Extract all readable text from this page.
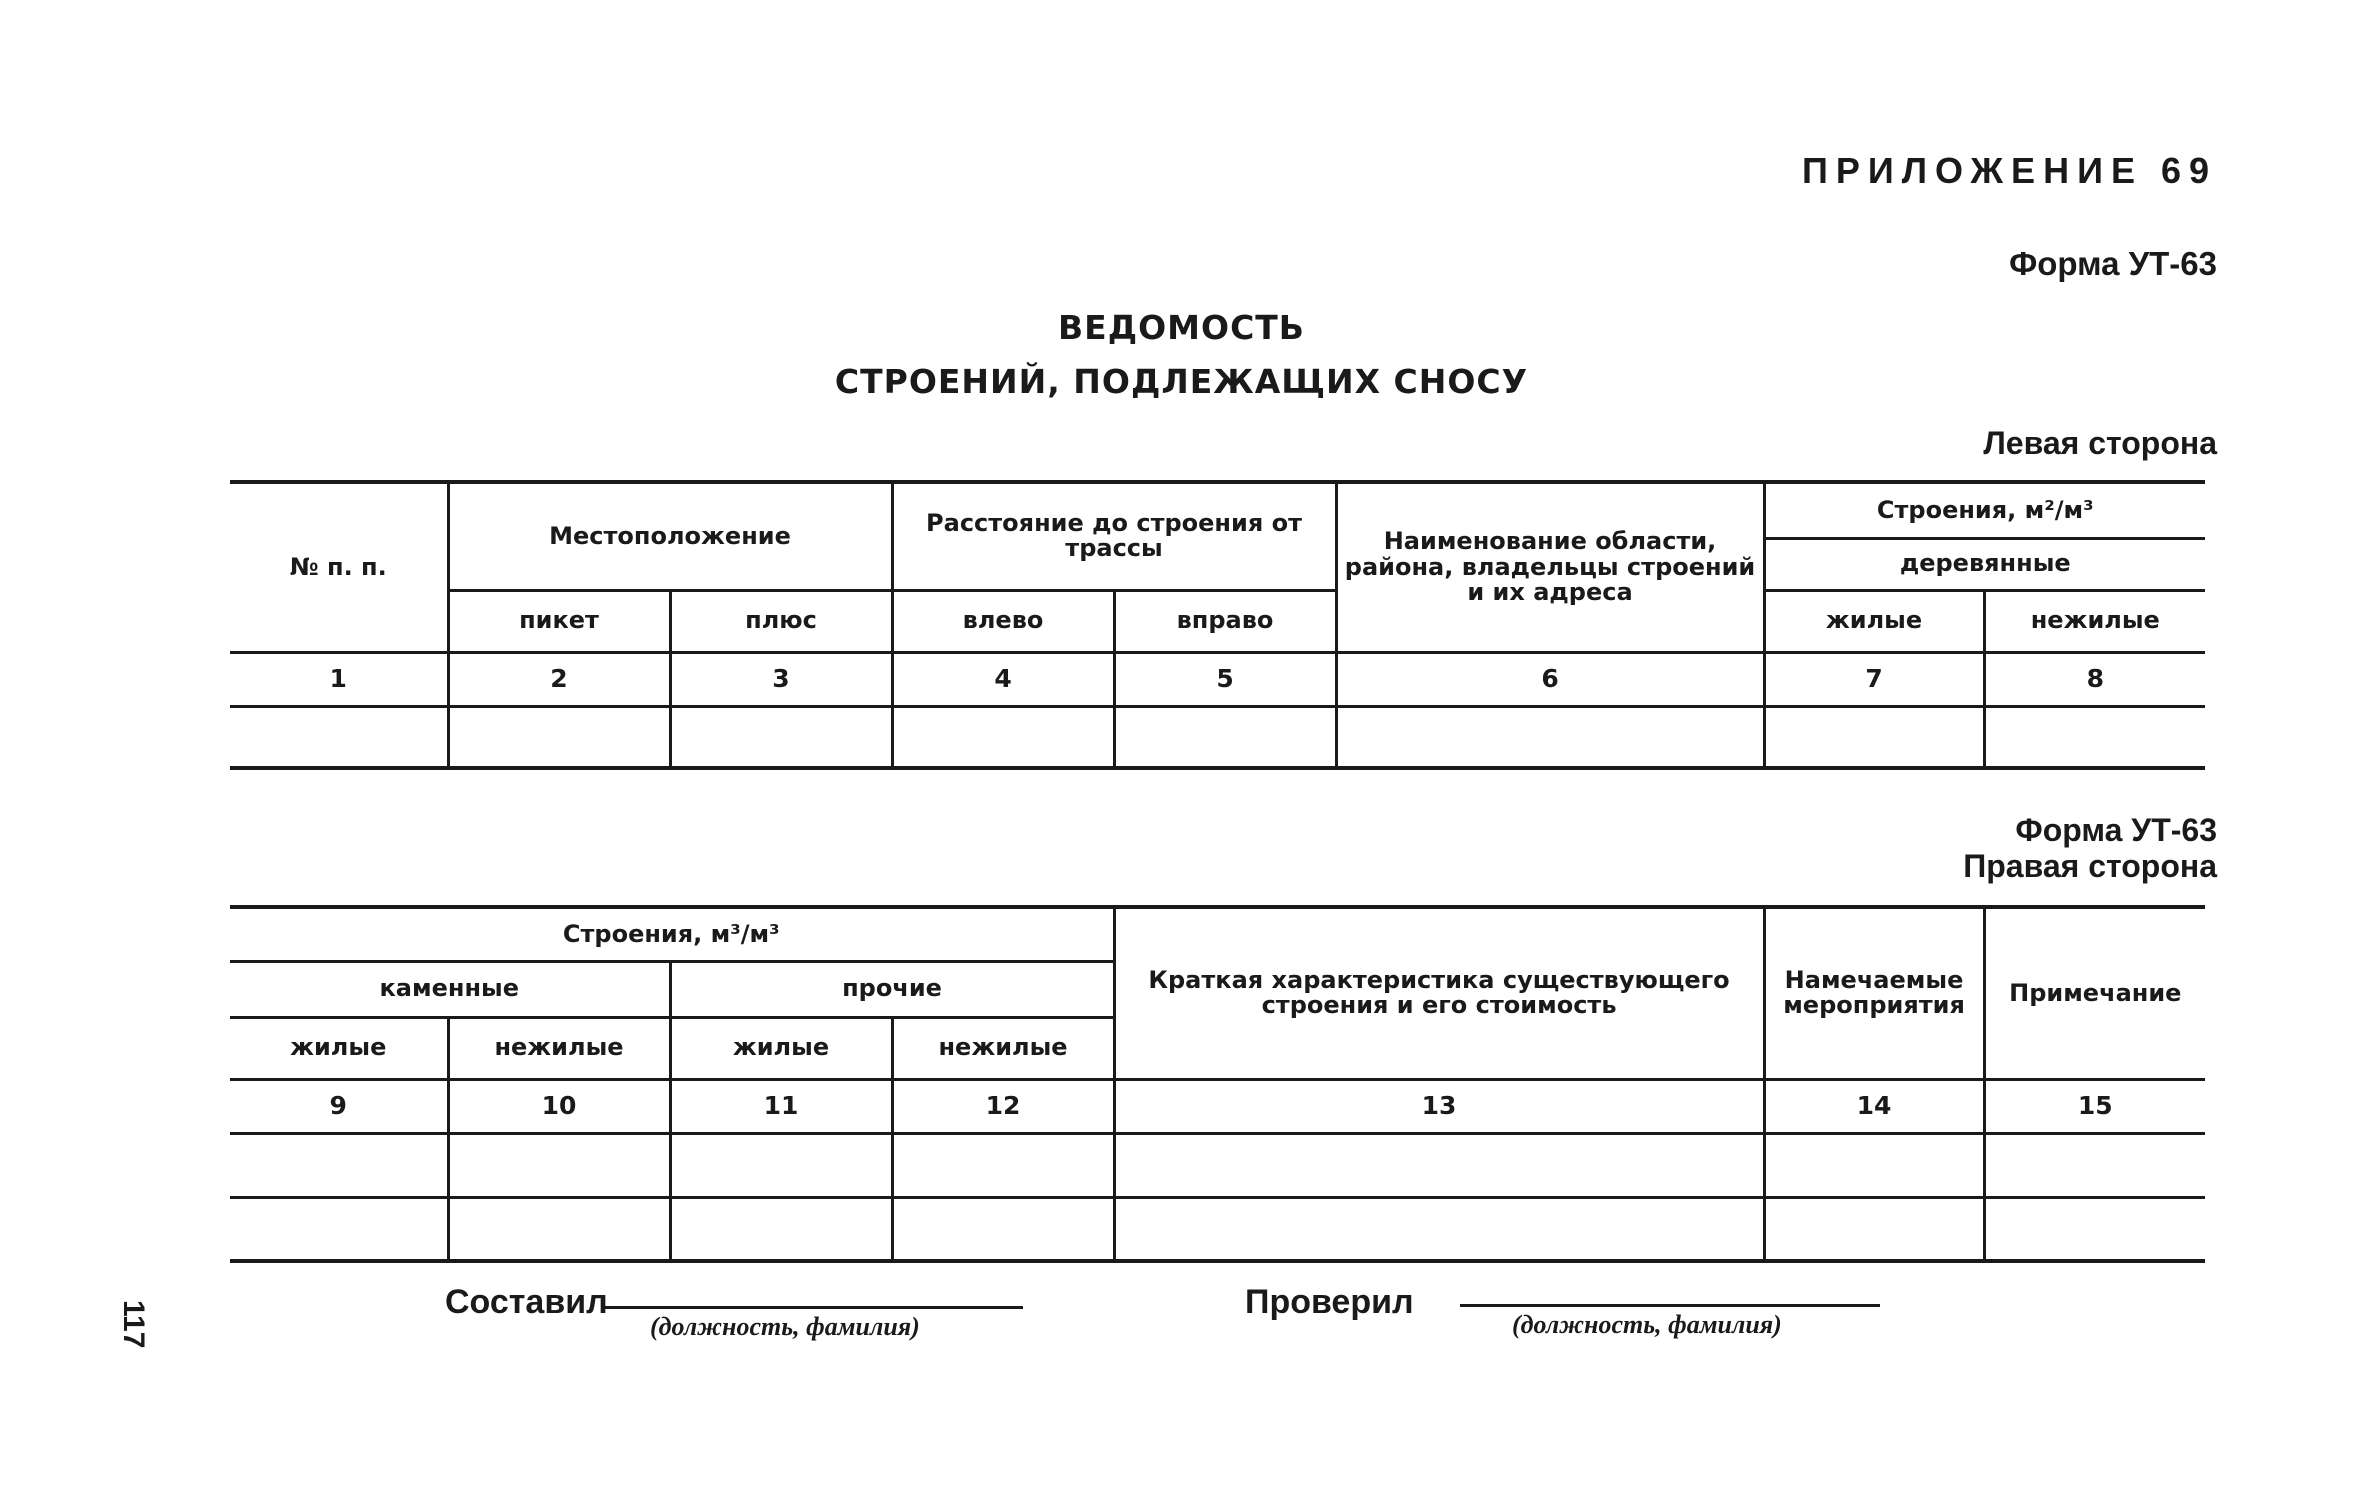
ПРИЛОЖЕНИЕ 69
Форма УТ-63
ВЕДОМОСТЬ
СТРОЕНИЙ, ПОДЛЕЖАЩИХ СНОСУ
Левая сторона
№ п. п.	Местоположение		Расстояние до строения от трассы		Наименование области, района, владельцы строений и их адреса	Строения, м²/м³	
						деревянные	
	пикет	плюс	влево	вправо		жилые	нежилые
1	2	3	4	5	6	7	8

Форма УТ-63
Правая сторона
Строения, м³/м³				Краткая характеристика существующего строения и его стоимость	Намечаемые мероприятия	Примечание
каменные		прочие				
жилые	нежилые	жилые	нежилые			
9	10	11	12	13	14	15

Составил
(должность, фамилия)
Проверил
(должность, фамилия)
117
